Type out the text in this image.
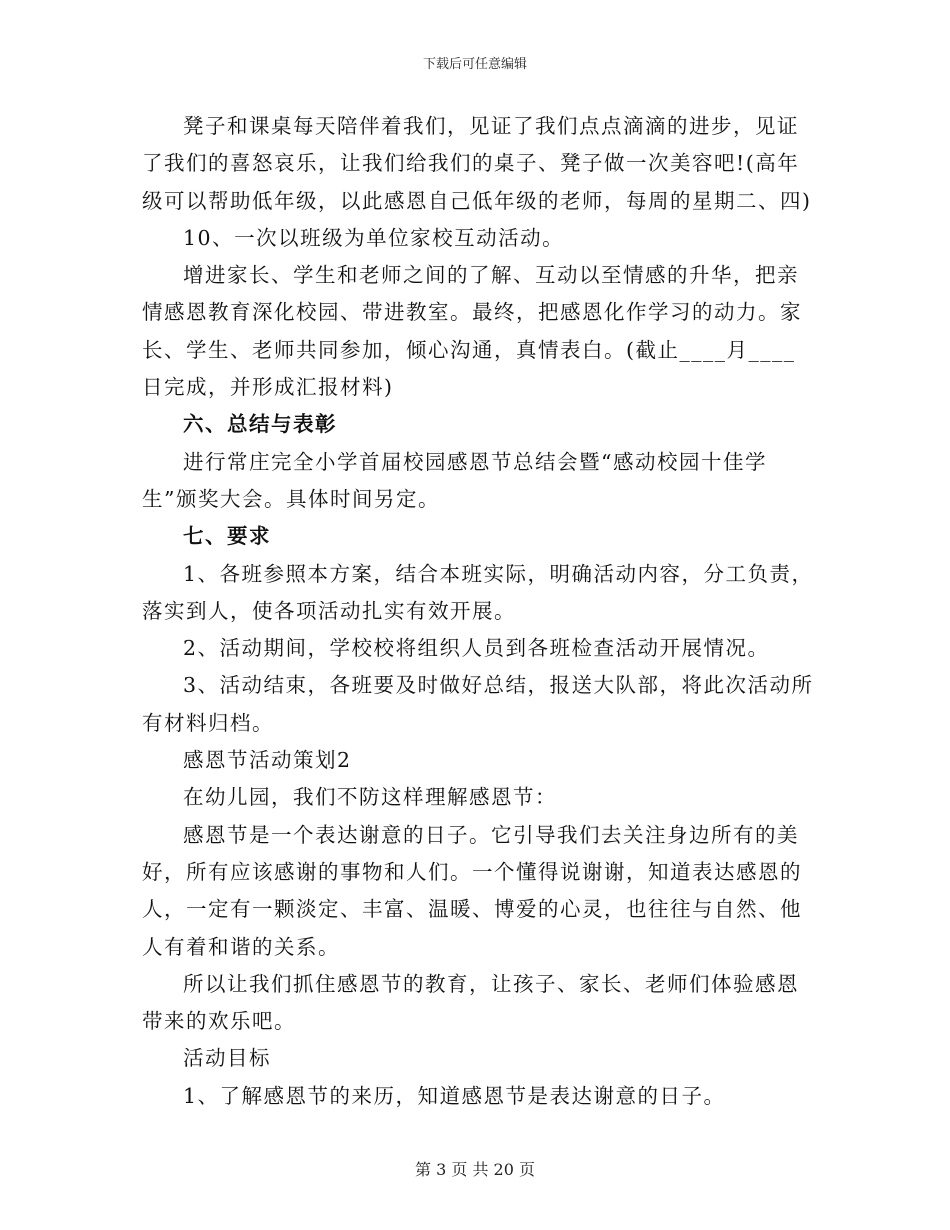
下载后可任意编辑

凳子和课桌每天陪伴着我们，见证了我们点点滴滴的进步，见证了我们的喜怒哀乐，让我们给我们的桌子、凳子做一次美容吧!(高年级可以帮助低年级，以此感恩自己低年级的老师，每周的星期二、四)

10、一次以班级为单位家校互动活动。

增进家长、学生和老师之间的了解、互动以至情感的升华，把亲情感恩教育深化校园、带进教室。最终，把感恩化作学习的动力。家长、学生、老师共同参加，倾心沟通，真情表白。(截止____月____日完成，并形成汇报材料)

六、总结与表彰

进行常庄完全小学首届校园感恩节总结会暨“感动校园十佳学生”颁奖大会。具体时间另定。

七、要求

1、各班参照本方案，结合本班实际，明确活动内容，分工负责，落实到人，使各项活动扎实有效开展。

2、活动期间，学校校将组织人员到各班检查活动开展情况。

3、活动结束，各班要及时做好总结，报送大队部，将此次活动所有材料归档。

感恩节活动策划2

在幼儿园，我们不防这样理解感恩节：

感恩节是一个表达谢意的日子。它引导我们去关注身边所有的美好，所有应该感谢的事物和人们。一个懂得说谢谢，知道表达感恩的人，一定有一颗淡定、丰富、温暖、博爱的心灵，也往往与自然、他人有着和谐的关系。

所以让我们抓住感恩节的教育，让孩子、家长、老师们体验感恩带来的欢乐吧。

活动目标

1、了解感恩节的来历，知道感恩节是表达谢意的日子。

第 3 页 共 20 页
